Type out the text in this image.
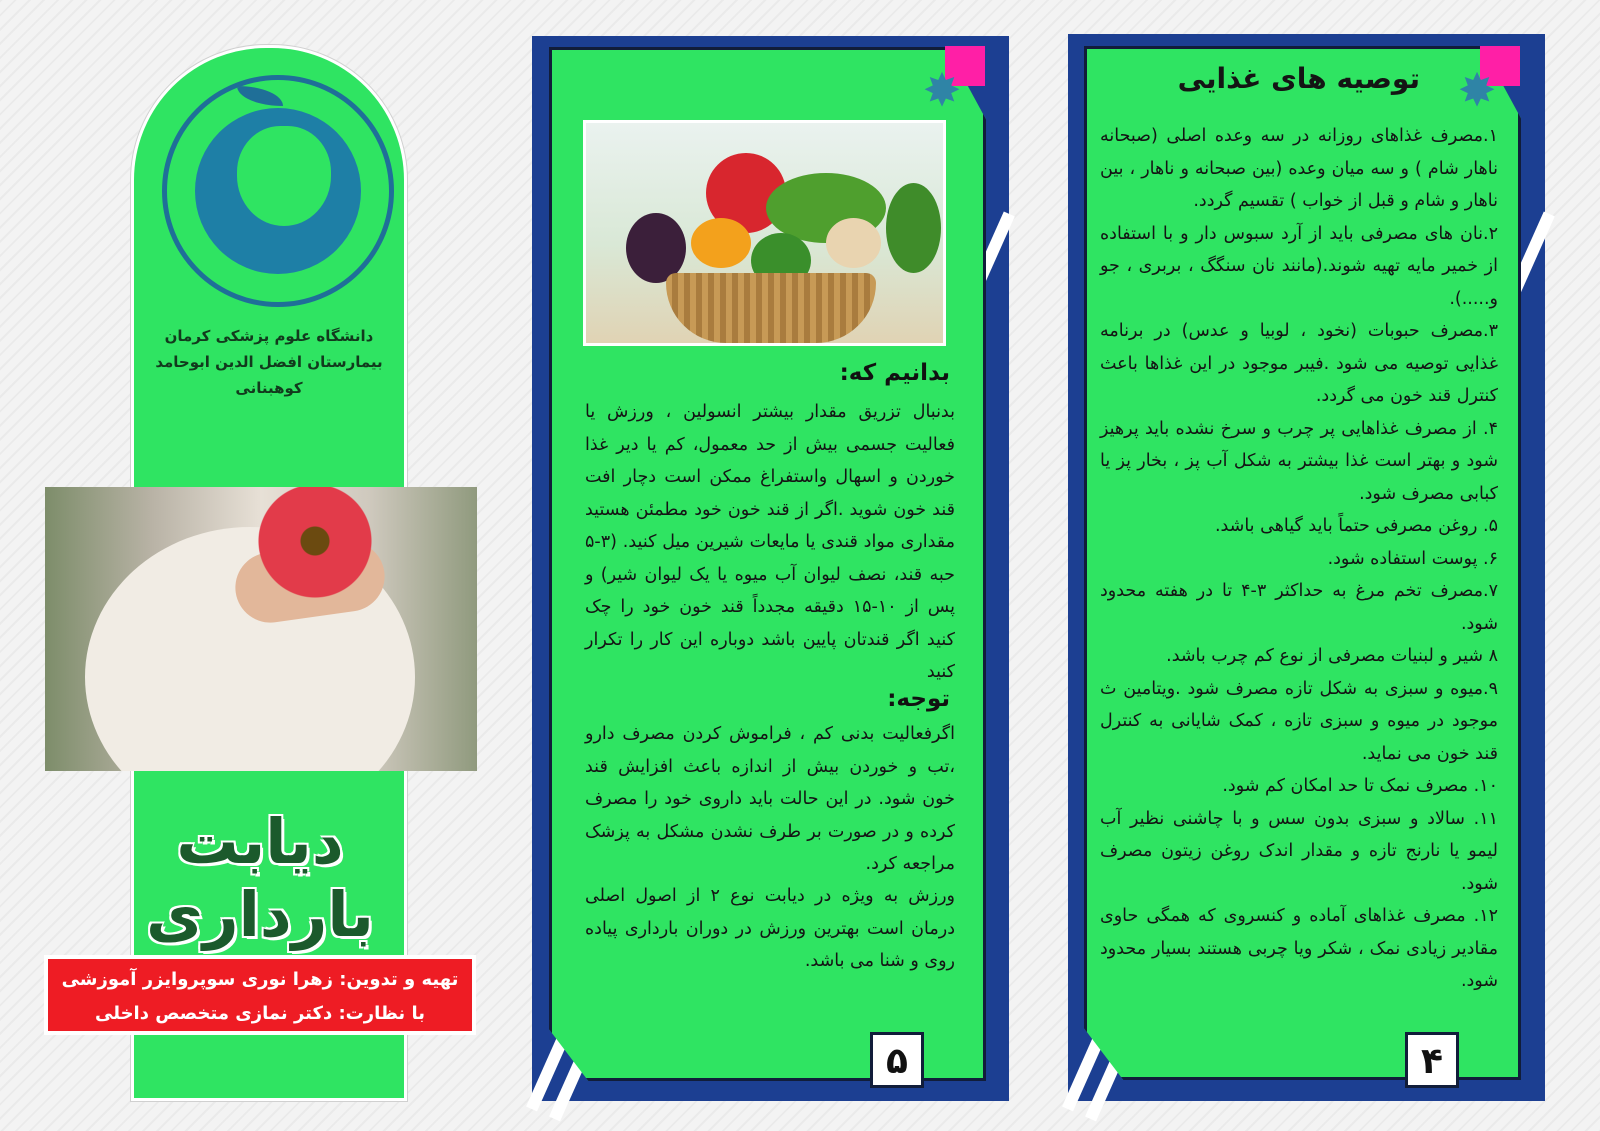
دانشگاه علوم پزشکی کرمان
بیمارستان افضل الدین ابوحامد کوهبنانی
دیابت بارداری
تهیه و تدوین: زهرا نوری سوپروایزر آموزشی
با نظارت: دکتر نمازی متخصص داخلی
✸
بدانیم که:
بدنبال تزریق مقدار بیشتر انسولین ، ورزش یا فعالیت جسمی بیش از حد معمول، کم یا دیر غذا خوردن و اسهال واستفراغ ممکن است دچار افت قند خون شوید .اگر از قند خون خود مطمئن هستید مقداری مواد قندی یا مایعات شیرین میل کنید. (۳-۵ حبه قند، نصف لیوان آب میوه یا یک لیوان شیر) و پس از ۱۰-۱۵ دقیقه مجدداً قند خون خود را چک کنید اگر قندتان پایین باشد دوباره این کار را تکرار کنید
توجه:
اگرفعالیت بدنی کم ، فراموش کردن مصرف دارو ،تب و خوردن بیش از اندازه باعث افزایش قند خون شود. در این حالت باید داروی خود را مصرف کرده و در صورت بر طرف نشدن مشکل به پزشک مراجعه کرد.
ورزش به ویژه در دیابت نوع ۲ از اصول اصلی درمان است بهترین ورزش در دوران بارداری پیاده روی و شنا می باشد.
۵
✸
توصیه های غذایی
۱.مصرف غذاهای روزانه در سه وعده اصلی (صبحانه ناهار شام ) و سه میان وعده (بین صبحانه و ناهار ، بین ناهار و شام و قبل از خواب ) تقسیم گردد.
۲.نان های مصرفی باید از آرد سبوس دار و با استفاده از خمیر مایه تهیه شوند.(مانند نان سنگگ ، بربری ، جو و.....).
۳.مصرف حبوبات (نخود ، لوبیا و عدس) در برنامه غذایی توصیه می شود .فیبر موجود در این غذاها باعث کنترل قند خون می گردد.
۴. از مصرف غذاهایی پر چرب و سرخ نشده باید پرهیز شود و بهتر است غذا بیشتر به شکل آب پز ، بخار پز یا کبابی مصرف شود.
۵. روغن مصرفی حتماً باید گیاهی باشد.
۶. پوست استفاده شود.
۷.مصرف تخم مرغ به حداکثر ۳-۴ تا در هفته محدود شود.
۸ شیر و لبنیات مصرفی از نوع کم چرب باشد.
۹.میوه و سبزی به شکل تازه مصرف شود .ویتامین ث موجود در میوه و سبزی تازه ، کمک شایانی به کنترل قند خون می نماید.
۱۰. مصرف نمک تا حد امکان کم شود.
۱۱. سالاد و سبزی بدون سس و با چاشنی نظیر آب لیمو یا نارنج تازه و مقدار اندک روغن زیتون مصرف شود.
۱۲. مصرف غذاهای آماده و کنسروی که همگی حاوی مقادیر زیادی نمک ، شکر ویا چربی هستند بسیار محدود شود.
۴
